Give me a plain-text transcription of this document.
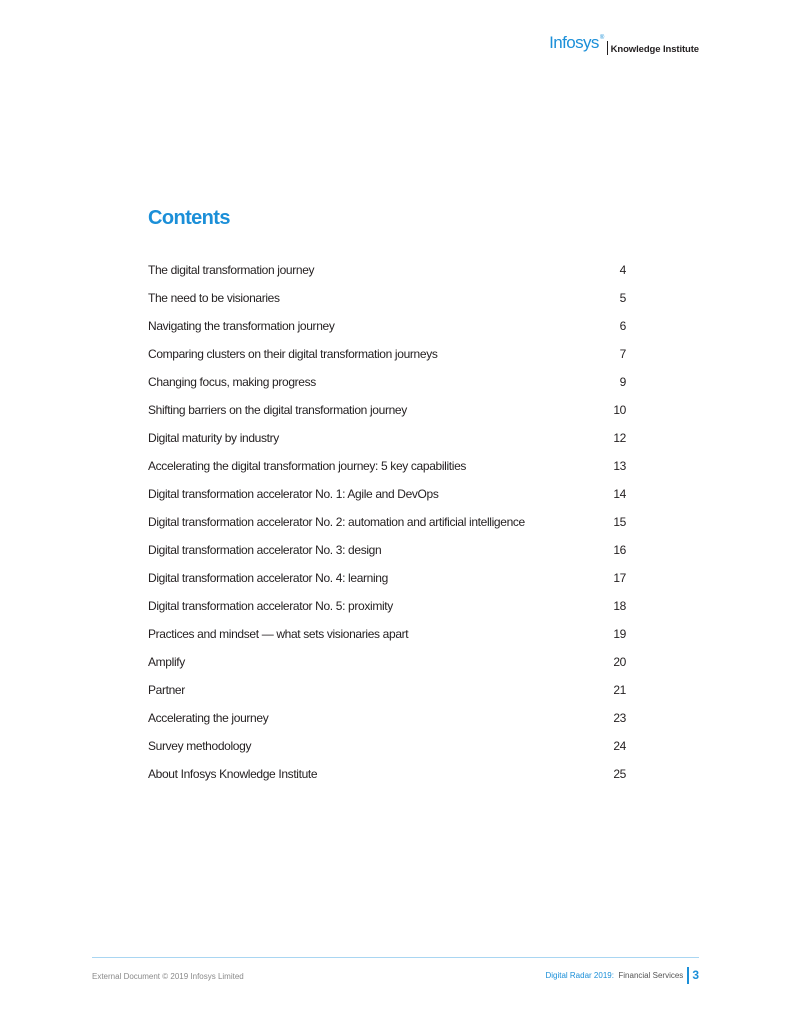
Infosys®
Knowledge Institute
Contents
The digital transformation journey	4
The need to be visionaries	5
Navigating the transformation journey	6
Comparing clusters on their digital transformation journeys	7
Changing focus, making progress	9
Shifting barriers on the digital transformation journey	10
Digital maturity by industry	12
Accelerating the digital transformation journey: 5 key capabilities	13
Digital transformation accelerator No. 1: Agile and DevOps	14
Digital transformation accelerator No. 2: automation and artificial intelligence	15
Digital transformation accelerator No. 3: design	16
Digital transformation accelerator No. 4: learning	17
Digital transformation accelerator No. 5: proximity	18
Practices and mindset — what sets visionaries apart	19
Amplify	20
Partner	21
Accelerating the journey	23
Survey methodology	24
About Infosys Knowledge Institute	25
External Document © 2019 Infosys Limited	Digital Radar 2019:
Financial Services 3
